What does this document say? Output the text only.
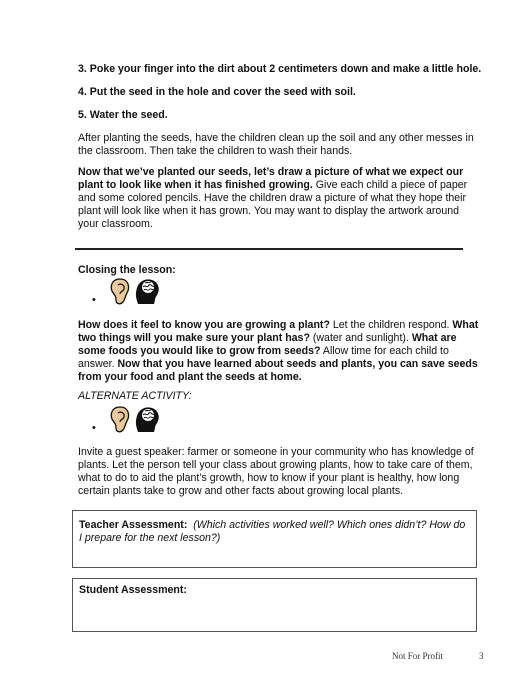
3. Poke your finger into the dirt about 2 centimeters down and make a little hole.
4. Put the seed in the hole and cover the seed with soil.
5. Water the seed.
After planting the seeds, have the children clean up the soil and any other messes in the classroom. Then take the children to wash their hands.
Now that we’ve planted our seeds, let’s draw a picture of what we expect our plant to look like when it has finished growing. Give each child a piece of paper and some colored pencils. Have the children draw a picture of what they hope their plant will look like when it has grown. You may want to display the artwork around your classroom.
Closing the lesson:
•
How does it feel to know you are growing a plant? Let the children respond. What two things will you make sure your plant has? (water and sunlight). What are some foods you would like to grow from seeds? Allow time for each child to answer. Now that you have learned about seeds and plants, you can save seeds from your food and plant the seeds at home.
ALTERNATE ACTIVITY:
•
Invite a guest speaker: farmer or someone in your community who has knowledge of plants. Let the person tell your class about growing plants, how to take care of them, what to do to aid the plant’s growth, how to know if your plant is healthy, how long certain plants take to grow and other facts about growing local plants.
Teacher Assessment: (Which activities worked well? Which ones didn’t? How do I prepare for the next lesson?)
Student Assessment:
Not For Profit	3
